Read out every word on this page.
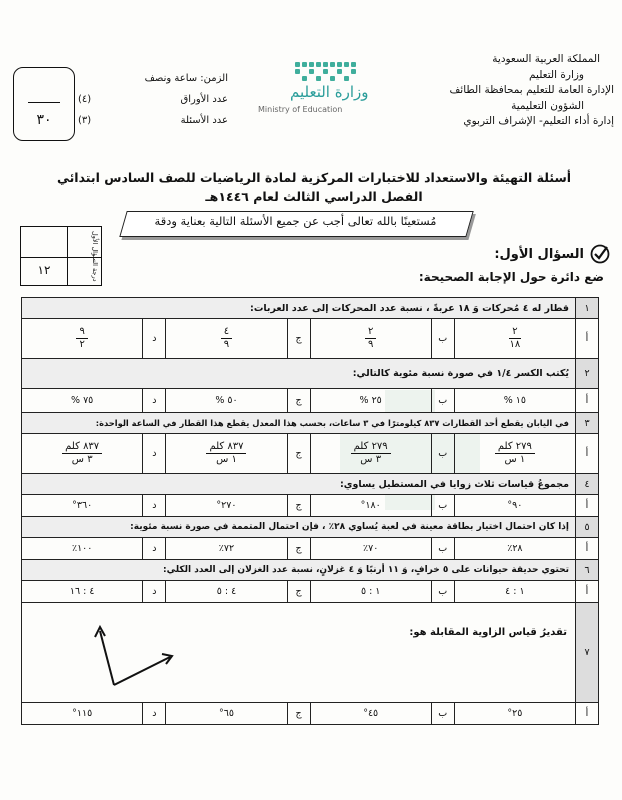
المملكة العربية السعودية
وزارة التعليم
الإدارة العامة للتعليم بمحافظة الطائف
الشؤون التعليمية
إدارة أداء التعليم- الإشراف التربوي
وزارة التعليم
Ministry of Education
الزمن: ساعة ونصف
عدد الأوراق
(٤)
عدد الأسئلة
(٣)
٣٠
أسئلة التهيئة والاستعداد للاختبارات المركزية لمادة الرياضيات للصف السادس ابتدائي
الفصل الدراسي الثالث لعام ١٤٤٦هـ
مُستعينًا بالله تعالى أجب عن جميع الأسئلة التالية بعناية ودقة
درجة السؤال الأول
١٢
السؤال الأول:
ضع دائرة حول الإجابة الصحيحة:
١	قطار له ٤ مُحركات وَ ١٨ عربةً ، نسبة عدد المحركات إلى عدد العربات:						
أ	$\frac{٢}{١٨}$	ب	$\frac{٢}{٩}$	ج	$\frac{٤}{٩}$	د	$\frac{٩}{٢}$

٢	يُكتب الكسر ١/٤ في صورة نسبة مئوية كالتالي:						
أ	١٥ %	ب	٢٥ %	ج	٥٠ %	د	٧٥ %
٣	في اليابان يقطع أحد القطارات ٨٣٧ كيلومترًا في ٣ ساعات، بحسب هذا المعدل يقطع هذا القطار في الساعة الواحدة:						
أ	$\frac{\text{٢٧٩ كلم}}{\text{١ س}}$	ب	$\frac{\text{٢٧٩ كلم}}{\text{٣ س}}$	ج	$\frac{\text{٨٣٧ كلم}}{\text{١ س}}$	د	$\frac{\text{٨٣٧ كلم}}{\text{٣ س}}$

٤	مجموعُ قياسات ثلاث زوايا في المستطيل يساوي:						
أ	٩٠°	ب	١٨٠°	ج	٢٧٠°	د	٣٦٠°
٥	إذا كان احتمال اختيار بطاقة معينة في لعبة يُساوي ٢٨٪ ، فإن احتمال المتممة في صورة نسبة مئوية:						
أ	٢٨٪	ب	٧٠٪	ج	٧٢٪	د	١٠٠٪
٦	تحتوي حديقة حيوانات على ٥ خرافٍ، وَ ١١ أرنبًا وَ ٤ غزلانٍ، نسبة عدد الغزلان إلى العدد الكلي:						
أ	١ : ٤	ب	١ : ٥	ج	٤ : ٥	د	٤ : ١٦
٧	تقديرُ قياس الزاوية المقابلة هو:						

أ	٢٥°	ب	٤٥°	ج	٦٥°	د	١١٥°
